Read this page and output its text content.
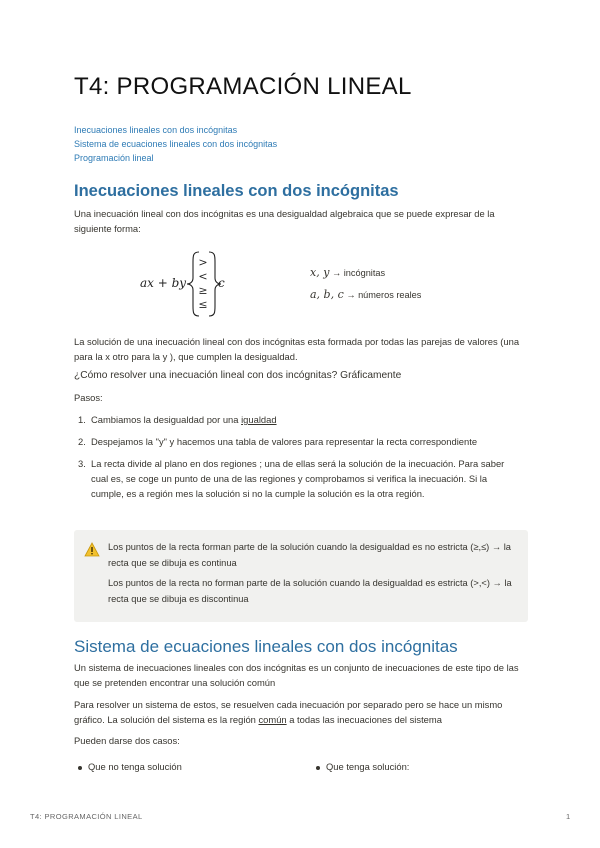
T4: PROGRAMACIÓN LINEAL
Inecuaciones lineales con dos incógnitas
Sistema de ecuaciones lineales con dos incógnitas
Programación lineal
Inecuaciones lineales con dos incógnitas
Una inecuación lineal con dos incógnitas es una desigualdad algebraica que se puede expresar de la siguiente forma:
ax + by
>
<
≥
≤
c
x, y → incógnitas
a, b, c → números reales
La solución de una inecuación lineal con dos incógnitas esta formada por todas las parejas de valores (una para la x otro para la y ), que cumplen la desigualdad.
¿Cómo resolver una inecuación lineal con dos incógnitas? Gráficamente
Pasos:
1. Cambiamos la desigualdad por una igualdad
2. Despejamos la "y" y hacemos una tabla de valores para representar la recta correspondiente
3. La recta divide al plano en dos regiones ; una de ellas será la solución de la inecuación. Para saber cual es, se coge un punto de una de las regiones y comprobamos si verifica la inecuación. Si la cumple, es a región mes la solución si no la cumple la solución es la otra región.
Los puntos de la recta forman parte de la solución cuando la desigualdad es no estricta (≥,≤) → la recta que se dibuja es continua
Los puntos de la recta no forman parte de la solución cuando la desigualdad es estricta (>,<) → la recta que se dibuja es discontinua
Sistema de ecuaciones lineales con dos incógnitas
Un sistema de inecuaciones lineales con dos incógnitas es un conjunto de inecuaciones de este tipo de las que se pretenden encontrar una solución común
Para resolver un sistema de estos, se resuelven cada inecuación por separado pero se hace un mismo gráfico. La solución del sistema es la región común a todas las inecuaciones del sistema
Pueden darse dos casos:
Que no tenga solución	Que tenga solución:
T4: PROGRAMACIÓN LINEAL	1
